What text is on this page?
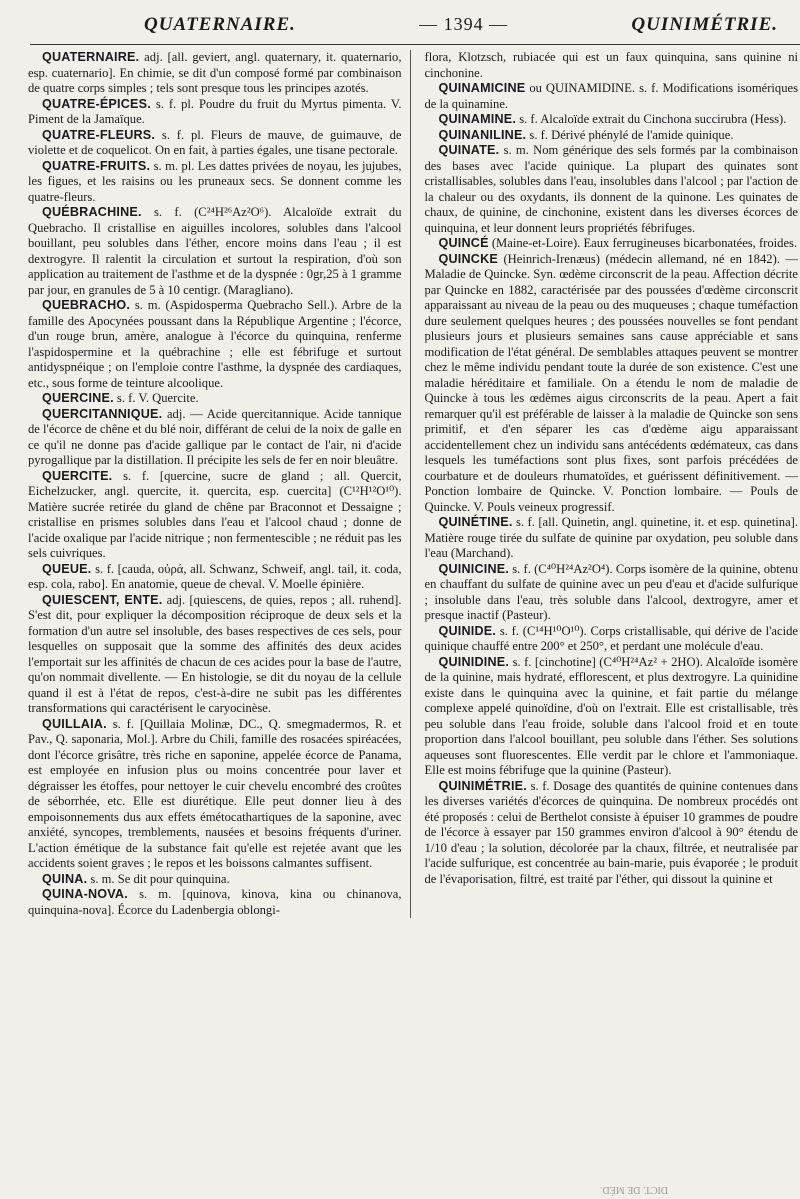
QUATERNAIRE.	— 1394 —	QUINIMÉTRIE.

QUATERNAIRE. adj. [all. geviert, angl. quaternary, it. quaternario, esp. cuaternario]. En chimie, se dit d'un composé formé par combinaison de quatre corps simples ; tels sont presque tous les principes azotés.

QUATRE-ÉPICES. s. f. pl. Poudre du fruit du Myrtus pimenta. V. Piment de la Jamaïque.

QUATRE-FLEURS. s. f. pl. Fleurs de mauve, de guimauve, de violette et de coquelicot. On en fait, à parties égales, une tisane pectorale.

QUATRE-FRUITS. s. m. pl. Les dattes privées de noyau, les jujubes, les figues, et les raisins ou les pruneaux secs. Se donnent comme les quatre-fleurs.

QUÉBRACHINE. s. f. (C²⁴H²⁶Az²O⁶). Alcaloïde extrait du Quebracho. Il cristallise en aiguilles incolores, solubles dans l'alcool bouillant, peu solubles dans l'éther, encore moins dans l'eau ; il est dextrogyre. Il ralentit la circulation et surtout la respiration, d'où son application au traitement de l'asthme et de la dyspnée : 0gr,25 à 1 gramme par jour, en granules de 5 à 10 centigr. (Maragliano).

QUEBRACHO. s. m. (Aspidosperma Quebracho Sell.). Arbre de la famille des Apocynées poussant dans la République Argentine ; l'écorce, d'un rouge brun, amère, analogue à l'écorce du quinquina, renferme l'aspidospermine et la québrachine ; elle est fébrifuge et surtout antidyspnéique ; on l'emploie contre l'asthme, la dyspnée des cardiaques, etc., sous forme de teinture alcoolique.

QUERCINE. s. f. V. Quercite.

QUERCITANNIQUE. adj. — Acide quercitannique. Acide tannique de l'écorce de chêne et du blé noir, différant de celui de la noix de galle en ce qu'il ne donne pas d'acide gallique par le contact de l'air, ni d'acide pyrogallique par la distillation. Il précipite les sels de fer en noir bleuâtre.

QUERCITE. s. f. [quercine, sucre de gland ; all. Quercit, Eichelzucker, angl. quercite, it. quercita, esp. cuercita] (C¹²H¹²O¹⁰). Matière sucrée retirée du gland de chêne par Braconnot et Dessaigne ; cristallise en prismes solubles dans l'eau et l'alcool chaud ; donne de l'acide oxalique par l'acide nitrique ; non fermentescible ; ne réduit pas les sels cuivriques.

QUEUE. s. f. [cauda, οὐρά, all. Schwanz, Schweif, angl. tail, it. coda, esp. cola, rabo]. En anatomie, queue de cheval. V. Moelle épinière.

QUIESCENT, ENTE. adj. [quiescens, de quies, repos ; all. ruhend]. S'est dit, pour expliquer la décomposition réciproque de deux sels et la formation d'un autre sel insoluble, des bases respectives de ces sels, pour lesquelles on supposait que la somme des affinités des deux acides l'emportait sur les affinités de chacun de ces acides pour la base de l'autre, qu'on nommait divellente. — En histologie, se dit du noyau de la cellule quand il est à l'état de repos, c'est-à-dire ne subit pas les différentes transformations qui caractérisent le caryocinèse.

QUILLAIA. s. f. [Quillaia Molinæ, DC., Q. smegmadermos, R. et Pav., Q. saponaria, Mol.]. Arbre du Chili, famille des rosacées spiréacées, dont l'écorce grisâtre, très riche en saponine, appelée écorce de Panama, est employée en infusion plus ou moins concentrée pour laver et dégraisser les étoffes, pour nettoyer le cuir chevelu encombré des croûtes de séborrhée, etc. Elle est diurétique. Elle peut donner lieu à des empoisonnements dus aux effets émétocathartiques de la saponine, avec anxiété, syncopes, tremblements, nausées et besoins fréquents d'uriner. L'action émétique de la substance fait qu'elle est rejetée avant que les accidents soient graves ; le repos et les boissons calmantes suffisent.

QUINA. s. m. Se dit pour quinquina.

QUINA-NOVA. s. m. [quinova, kinova, kina ou chinanova, quinquina-nova]. Écorce du Ladenbergia oblongi-

flora, Klotzsch, rubiacée qui est un faux quinquina, sans quinine ni cinchonine.

QUINAMICINE ou QUINAMIDINE. s. f. Modifications isomériques de la quinamine.

QUINAMINE. s. f. Alcaloïde extrait du Cinchona succirubra (Hess).

QUINANILINE. s. f. Dérivé phénylé de l'amide quinique.

QUINATE. s. m. Nom générique des sels formés par la combinaison des bases avec l'acide quinique. La plupart des quinates sont cristallisables, solubles dans l'eau, insolubles dans l'alcool ; par l'action de la chaleur ou des oxydants, ils donnent de la quinone. Les quinates de chaux, de quinine, de cinchonine, existent dans les diverses écorces de quinquina, et leur donnent leurs propriétés fébrifuges.

QUINCÉ (Maine-et-Loire). Eaux ferrugineuses bicarbonatées, froides.

QUINCKE (Heinrich-Irenæus) (médecin allemand, né en 1842). — Maladie de Quincke. Syn. œdème circonscrit de la peau. Affection décrite par Quincke en 1882, caractérisée par des poussées d'œdème circonscrit apparaissant au niveau de la peau ou des muqueuses ; chaque tuméfaction dure seulement quelques heures ; des poussées nouvelles se font pendant plusieurs jours et plusieurs semaines sans cause appréciable et sans modification de l'état général. De semblables attaques peuvent se montrer chez le même individu pendant toute la durée de son existence. C'est une maladie héréditaire et familiale. On a étendu le nom de maladie de Quincke à tous les œdèmes aigus circonscrits de la peau. Apert a fait remarquer qu'il est préférable de laisser à la maladie de Quincke son sens primitif, et d'en séparer les cas d'œdème aigu apparaissant accidentellement chez un individu sans antécédents œdémateux, cas dans lesquels les tuméfactions sont plus fixes, sont parfois précédées de courbature et de douleurs rhumatoïdes, et guérissent définitivement. — Ponction lombaire de Quincke. V. Ponction lombaire. — Pouls de Quincke. V. Pouls veineux progressif.

QUINÉTINE. s. f. [all. Quinetin, angl. quinetine, it. et esp. quinetina]. Matière rouge tirée du sulfate de quinine par oxydation, peu soluble dans l'eau (Marchand).

QUINICINE. s. f. (C⁴⁰H²⁴Az²O⁴). Corps isomère de la quinine, obtenu en chauffant du sulfate de quinine avec un peu d'eau et d'acide sulfurique ; insoluble dans l'eau, très soluble dans l'alcool, dextrogyre, amer et presque inactif (Pasteur).

QUINIDE. s. f. (C¹⁴H¹⁰O¹⁰). Corps cristallisable, qui dérive de l'acide quinique chauffé entre 200° et 250°, et perdant une molécule d'eau.

QUINIDINE. s. f. [cinchotine] (C⁴⁰H²⁴Az² + 2HO). Alcaloïde isomère de la quinine, mais hydraté, efflorescent, et plus dextrogyre. La quinidine existe dans le quinquina avec la quinine, et fait partie du mélange complexe appelé quinoïdine, d'où on l'extrait. Elle est cristallisable, très peu soluble dans l'eau froide, soluble dans l'alcool froid et en toute proportion dans l'alcool bouillant, peu soluble dans l'éther. Ses solutions aqueuses sont fluorescentes. Elle verdit par le chlore et l'ammoniaque. Elle est moins fébrifuge que la quinine (Pasteur).

QUINIMÉTRIE. s. f. Dosage des quantités de quinine contenues dans les diverses variétés d'écorces de quinquina. De nombreux procédés ont été proposés : celui de Berthelot consiste à épuiser 10 grammes de poudre de l'écorce à essayer par 150 grammes environ d'alcool à 90° étendu de 1/10 d'eau ; la solution, décolorée par la chaux, filtrée, et neutralisée par l'acide sulfurique, est concentrée au bain-marie, puis évaporée ; le produit de l'évaporisation, filtré, est traité par l'éther, qui dissout la quinine et

DICT. DE MÉD.
